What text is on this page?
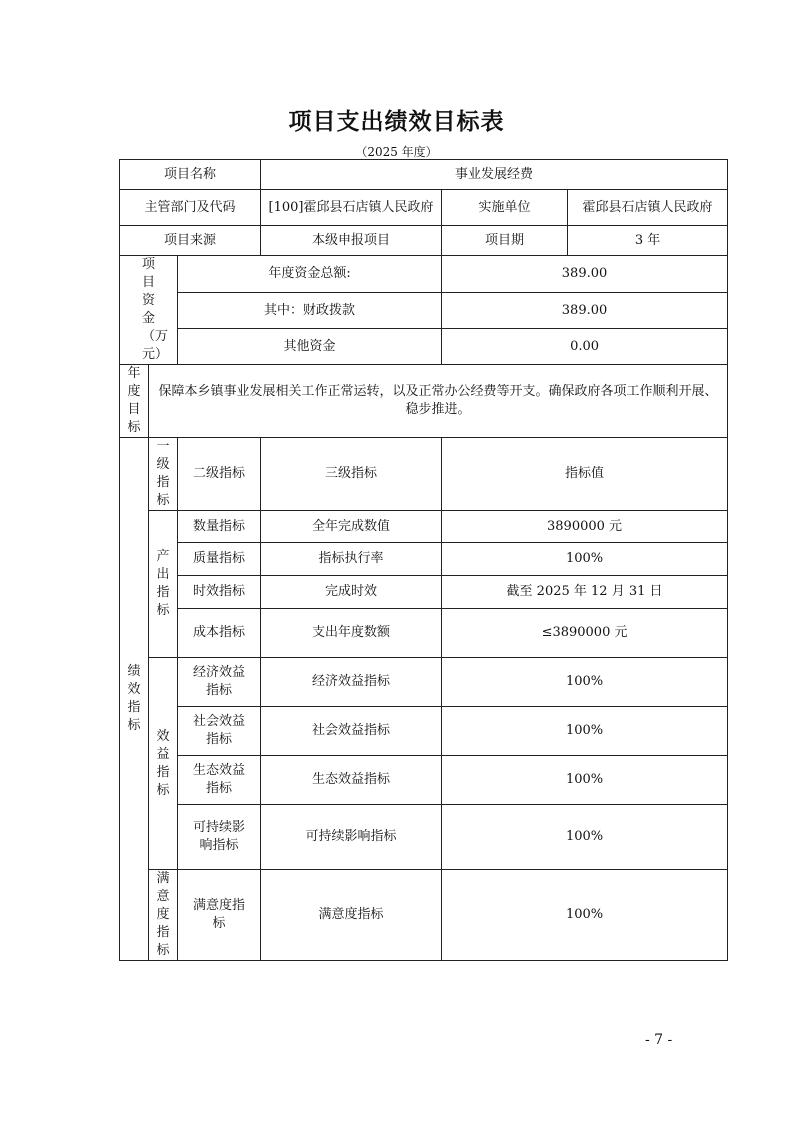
项目支出绩效目标表
（2025 年度）
项目名称			事业发展经费		
主管部门及代码			[100]霍邱县石店镇人民政府	实施单位	霍邱县石店镇人民政府
项目来源			本级申报项目	项目期	3 年
项目资金（万元）		年度资金总额:		389.00	
		其中：财政拨款		389.00	
		其他资金		0.00	
年度目标	保障本乡镇事业发展相关工作正常运转，以及正常办公经费等开支。确保政府各项工作顺利开展、稳步推进。				
绩效指标	一级指标	二级指标	三级指标	指标值	
	产出指标	数量指标	全年完成数值	3890000 元	
		质量指标	指标执行率	100%	
		时效指标	完成时效	截至 2025 年 12 月 31 日	
		成本指标	支出年度数额	≤3890000 元	
	效益指标	经济效益指标	经济效益指标	100%	
		社会效益指标	社会效益指标	100%	
		生态效益指标	生态效益指标	100%	
		可持续影响指标	可持续影响指标	100%	
	满意度指标	满意度指标	满意度指标	100%	
- 7 -
